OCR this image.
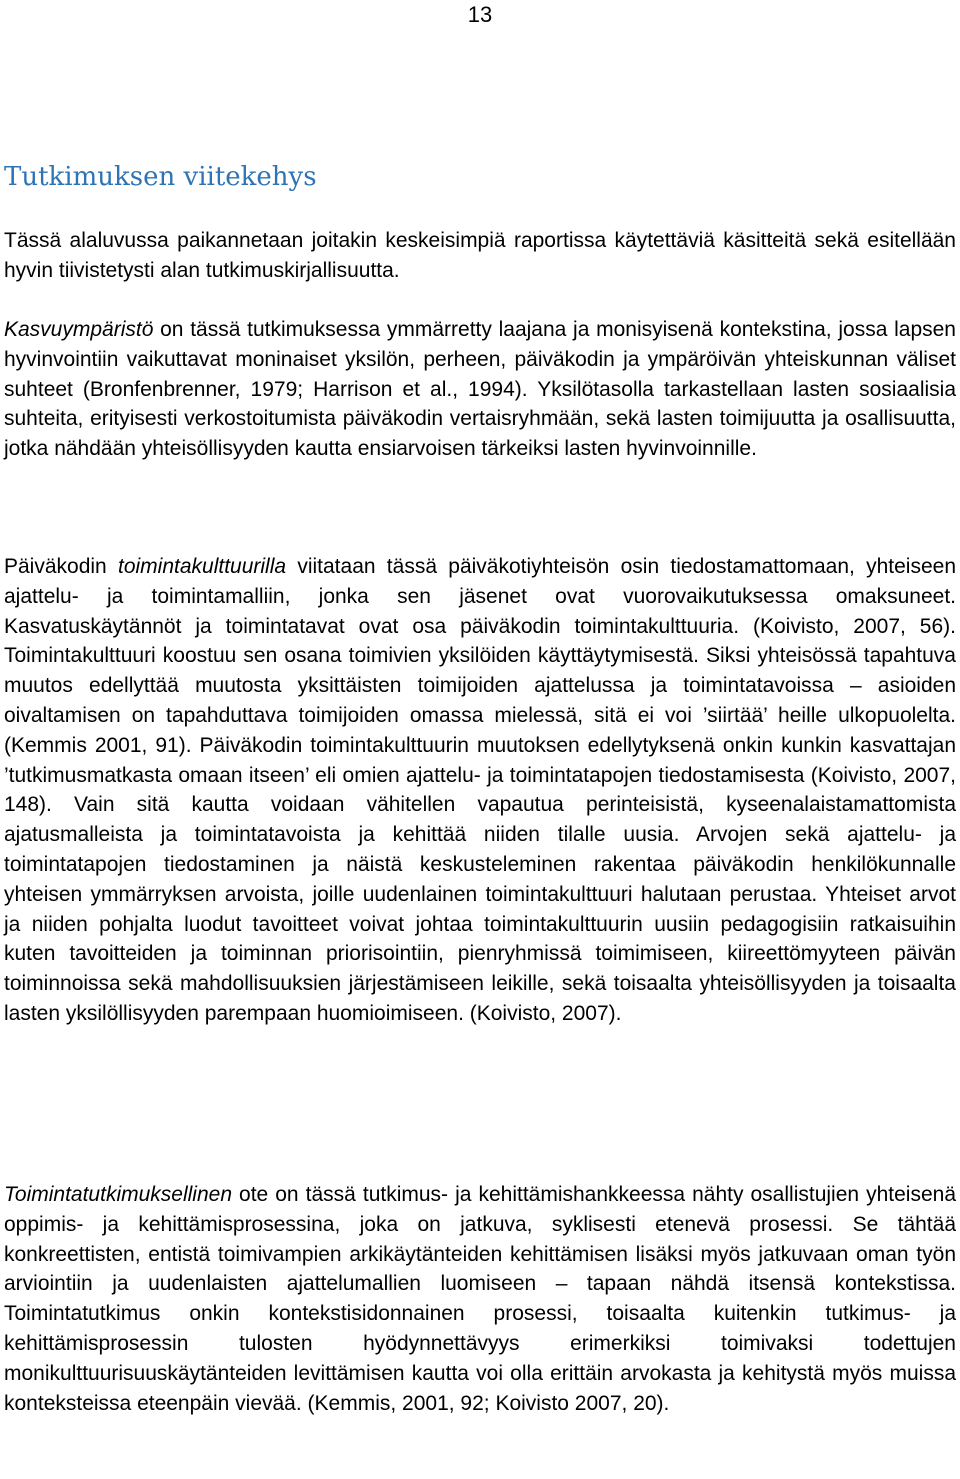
13
Tutkimuksen viitekehys

Tässä alaluvussa paikannetaan joitakin keskeisimpiä raportissa käytettäviä käsitteitä sekä esitellään hyvin tiivistetysti alan tutkimuskirjallisuutta.

Kasvuympäristö on tässä tutkimuksessa ymmärretty laajana ja monisyisenä kontekstina, jossa lapsen hyvinvointiin vaikuttavat moninaiset yksilön, perheen, päiväkodin ja ympäröivän yhteiskunnan väliset suhteet (Bronfenbrenner, 1979; Harrison et al., 1994). Yksilötasolla tarkastellaan lasten sosiaalisia suhteita, erityisesti verkostoitumista päiväkodin vertaisryhmään, sekä lasten toimijuutta ja osallisuutta, jotka nähdään yhteisöllisyyden kautta ensiarvoisen tärkeiksi lasten hyvinvoinnille.

Päiväkodin toimintakulttuurilla viitataan tässä päiväkotiyhteisön osin tiedostamattomaan, yhteiseen ajattelu- ja toimintamalliin, jonka sen jäsenet ovat vuorovaikutuksessa omaksuneet. Kasvatuskäytännöt ja toimintatavat ovat osa päiväkodin toimintakulttuuria. (Koivisto, 2007, 56). Toimintakulttuuri koostuu sen osana toimivien yksilöiden käyttäytymisestä. Siksi yhteisössä tapahtuva muutos edellyttää muutosta yksittäisten toimijoiden ajattelussa ja toimintatavoissa – asioiden oivaltamisen on tapahduttava toimijoiden omassa mielessä, sitä ei voi ’siirtää’ heille ulkopuolelta. (Kemmis 2001, 91). Päiväkodin toimintakulttuurin muutoksen edellytyksenä onkin kunkin kasvattajan ’tutkimusmatkasta omaan itseen’ eli omien ajattelu- ja toimintatapojen tiedostamisesta (Koivisto, 2007, 148). Vain sitä kautta voidaan vähitellen vapautua perinteisistä, kyseenalaistamattomista ajatusmalleista ja toimintatavoista ja kehittää niiden tilalle uusia. Arvojen sekä ajattelu- ja toimintatapojen tiedostaminen ja näistä keskusteleminen rakentaa päiväkodin henkilökunnalle yhteisen ymmärryksen arvoista, joille uudenlainen toimintakulttuuri halutaan perustaa. Yhteiset arvot ja niiden pohjalta luodut tavoitteet voivat johtaa toimintakulttuurin uusiin pedagogisiin ratkaisuihin kuten tavoitteiden ja toiminnan priorisointiin, pienryhmissä toimimiseen, kiireettömyyteen päivän toiminnoissa sekä mahdollisuuksien järjestämiseen leikille, sekä toisaalta yhteisöllisyyden ja toisaalta lasten yksilöllisyyden parempaan huomioimiseen. (Koivisto, 2007).

Toimintatutkimuksellinen ote on tässä tutkimus- ja kehittämishankkeessa nähty osallistujien yhteisenä oppimis- ja kehittämisprosessina, joka on jatkuva, syklisesti etenevä prosessi. Se tähtää konkreettisten, entistä toimivampien arkikäytänteiden kehittämisen lisäksi myös jatkuvaan oman työn arviointiin ja uudenlaisten ajattelumallien luomiseen – tapaan nähdä itsensä kontekstissa. Toimintatutkimus onkin kontekstisidonnainen prosessi, toisaalta kuitenkin tutkimus- ja kehittämisprosessin tulosten hyödynnettävyys erimerkiksi toimivaksi todettujen monikulttuurisuuskäytänteiden levittämisen kautta voi olla erittäin arvokasta ja kehitystä myös muissa konteksteissa eteenpäin vievää. (Kemmis, 2001, 92; Koivisto 2007, 20).
